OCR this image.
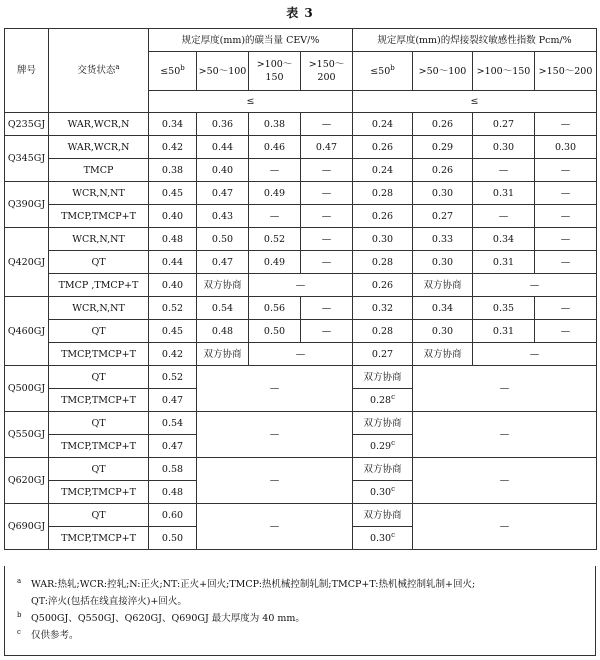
表 3
牌号	交货状态$^a$	规定厚度(mm)的碳当量 CEV/%				规定厚度(mm)的焊接裂纹敏感性指数 Pcm/%			
		$\le 50^b$	>50～100	>100～150	>150～200	$\le 50^b$	>50～100	>100～150	>150～200
		≤				≤			
Q235GJ	WAR,WCR,N	0.34	0.36	0.38	—	0.24	0.26	0.27	—
Q345GJ	WAR,WCR,N	0.42	0.44	0.46	0.47	0.26	0.29	0.30	0.30
	TMCP	0.38	0.40	—	—	0.24	0.26	—	—
Q390GJ	WCR,N,NT	0.45	0.47	0.49	—	0.28	0.30	0.31	—
	TMCP,TMCP+T	0.40	0.43	—	—	0.26	0.27	—	—
Q420GJ	WCR,N,NT	0.48	0.50	0.52	—	0.30	0.33	0.34	—
	QT	0.44	0.47	0.49	—	0.28	0.30	0.31	—
	TMCP ,TMCP+T	0.40	双方协商	—		0.26	双方协商	—	
Q460GJ	WCR,N,NT	0.52	0.54	0.56	—	0.32	0.34	0.35	—
	QT	0.45	0.48	0.50	—	0.28	0.30	0.31	—
	TMCP,TMCP+T	0.42	双方协商	—		0.27	双方协商	—	
Q500GJ	QT	0.52	—			双方协商	—		
	TMCP,TMCP+T	0.47				0.28$^c$
Q550GJ	QT	0.54	—			双方协商	—		
	TMCP,TMCP+T	0.47				0.29$^c$
Q620GJ	QT	0.58	—			双方协商	—		
	TMCP,TMCP+T	0.48				0.30$^c$
Q690GJ	QT	0.60	—			双方协商	—		
	TMCP,TMCP+T	0.50				0.30$^c$
a WAR:热轧;WCR:控轧;N:正火;NT:正火+回火;TMCP:热机械控制轧制;TMCP+T:热机械控制轧制+回火;
QT:淬火(包括在线直接淬火)+回火。
b Q500GJ、Q550GJ、Q620GJ、Q690GJ 最大厚度为 40 mm。
c 仅供参考。
